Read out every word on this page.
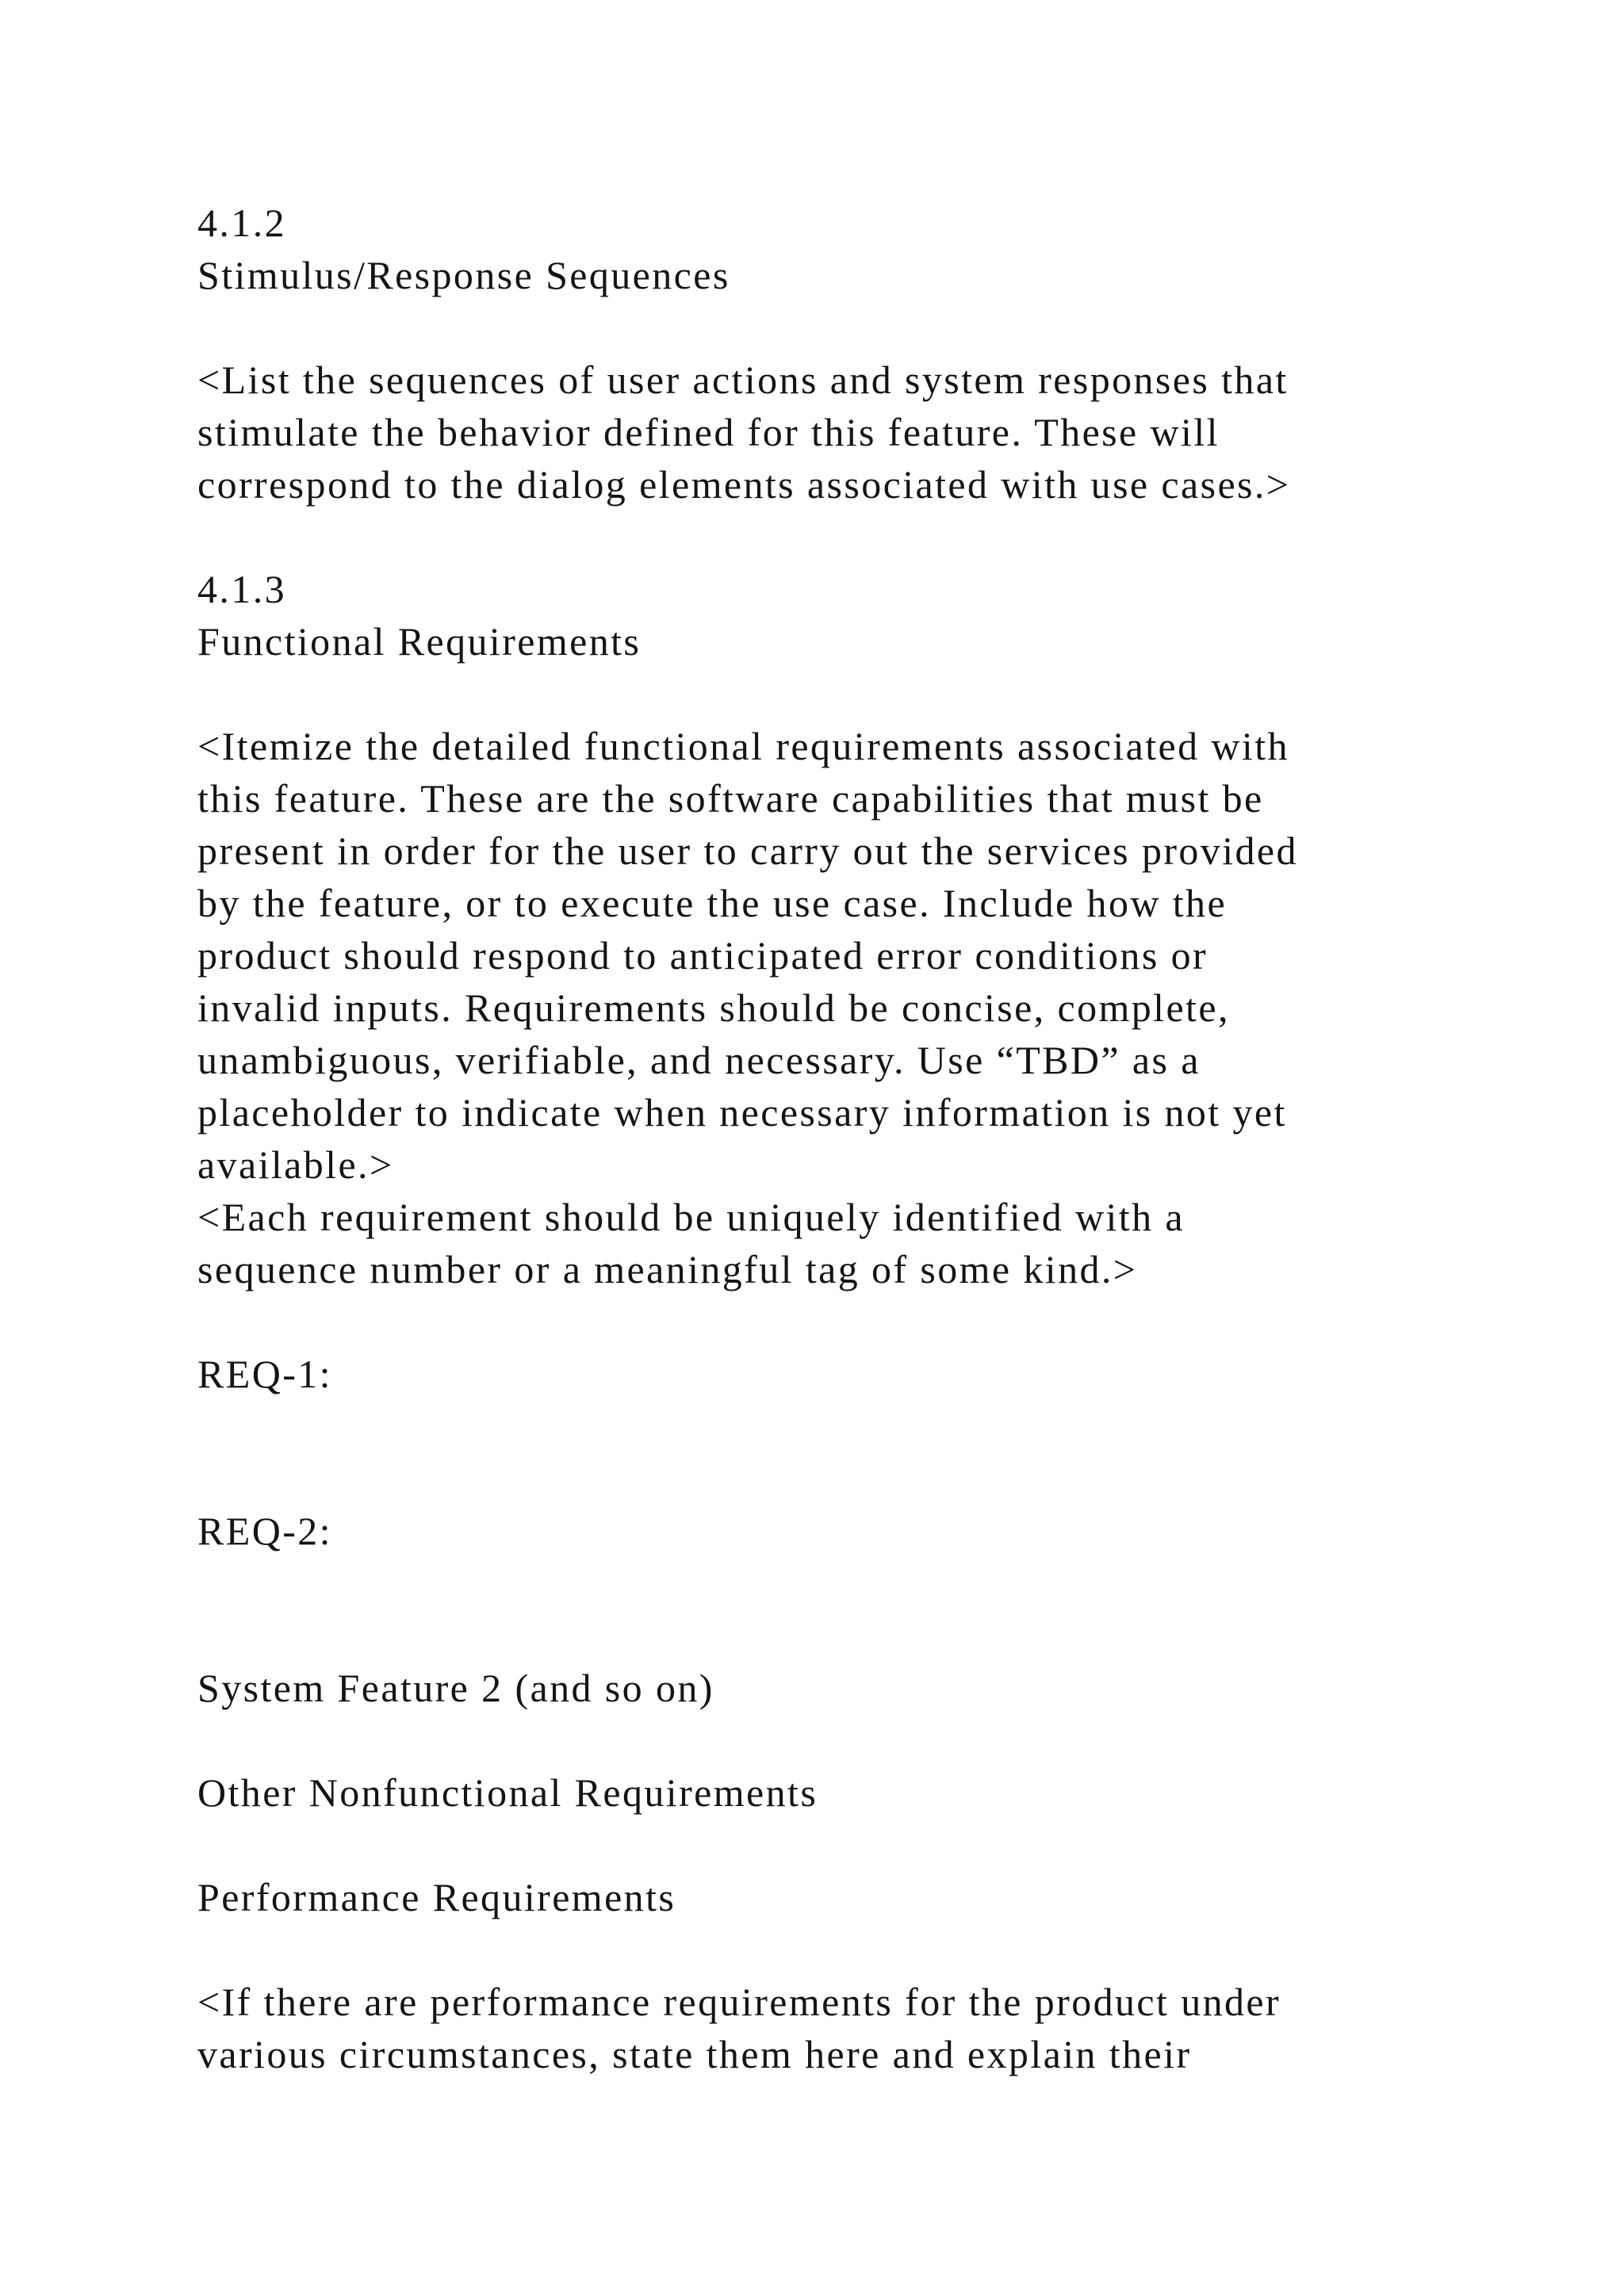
4.1.2

Stimulus/Response Sequences

<List the sequences of user actions and system responses that

stimulate the behavior defined for this feature. These will

correspond to the dialog elements associated with use cases.>

4.1.3

Functional Requirements

<Itemize the detailed functional requirements associated with

this feature. These are the software capabilities that must be

present in order for the user to carry out the services provided

by the feature, or to execute the use case. Include how the

product should respond to anticipated error conditions or

invalid inputs. Requirements should be concise, complete,

unambiguous, verifiable, and necessary. Use “TBD” as a

placeholder to indicate when necessary information is not yet

available.>

<Each requirement should be uniquely identified with a

sequence number or a meaningful tag of some kind.>

REQ-1:

REQ-2:

System Feature 2 (and so on)

Other Nonfunctional Requirements

Performance Requirements

<If there are performance requirements for the product under

various circumstances, state them here and explain their
